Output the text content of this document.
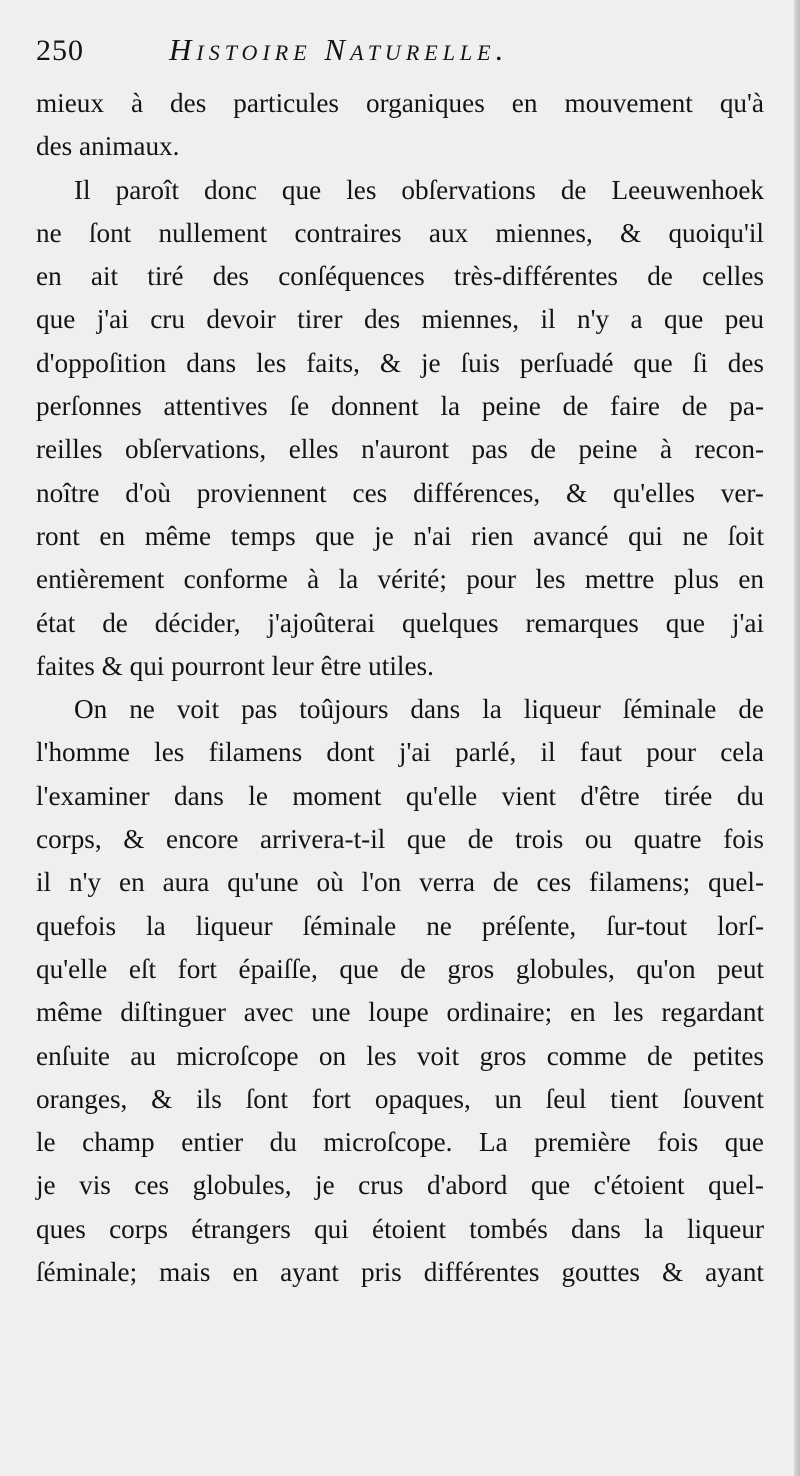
250	Histoire Naturelle.
mieux à des particules organiques en mouvement qu'à
des animaux.
Il paroît donc que les obſervations de Leeuwenhoek
ne ſont nullement contraires aux miennes, & quoiqu'il
en ait tiré des conſéquences très-différentes de celles
que j'ai cru devoir tirer des miennes, il n'y a que peu
d'oppoſition dans les faits, & je ſuis perſuadé que ſi des
perſonnes attentives ſe donnent la peine de faire de pa-
reilles obſervations, elles n'auront pas de peine à recon-
noître d'où proviennent ces différences, & qu'elles ver-
ront en même temps que je n'ai rien avancé qui ne ſoit
entièrement conforme à la vérité; pour les mettre plus en
état de décider, j'ajoûterai quelques remarques que j'ai
faites & qui pourront leur être utiles.
On ne voit pas toûjours dans la liqueur ſéminale de
l'homme les filamens dont j'ai parlé, il faut pour cela
l'examiner dans le moment qu'elle vient d'être tirée du
corps, & encore arrivera-t-il que de trois ou quatre fois
il n'y en aura qu'une où l'on verra de ces filamens; quel-
quefois la liqueur ſéminale ne préſente, ſur-tout lorſ-
qu'elle eſt fort épaiſſe, que de gros globules, qu'on peut
même diſtinguer avec une loupe ordinaire; en les regardant
enſuite au microſcope on les voit gros comme de petites
oranges, & ils ſont fort opaques, un ſeul tient ſouvent
le champ entier du microſcope. La première fois que
je vis ces globules, je crus d'abord que c'étoient quel-
ques corps étrangers qui étoient tombés dans la liqueur
ſéminale; mais en ayant pris différentes gouttes & ayant
